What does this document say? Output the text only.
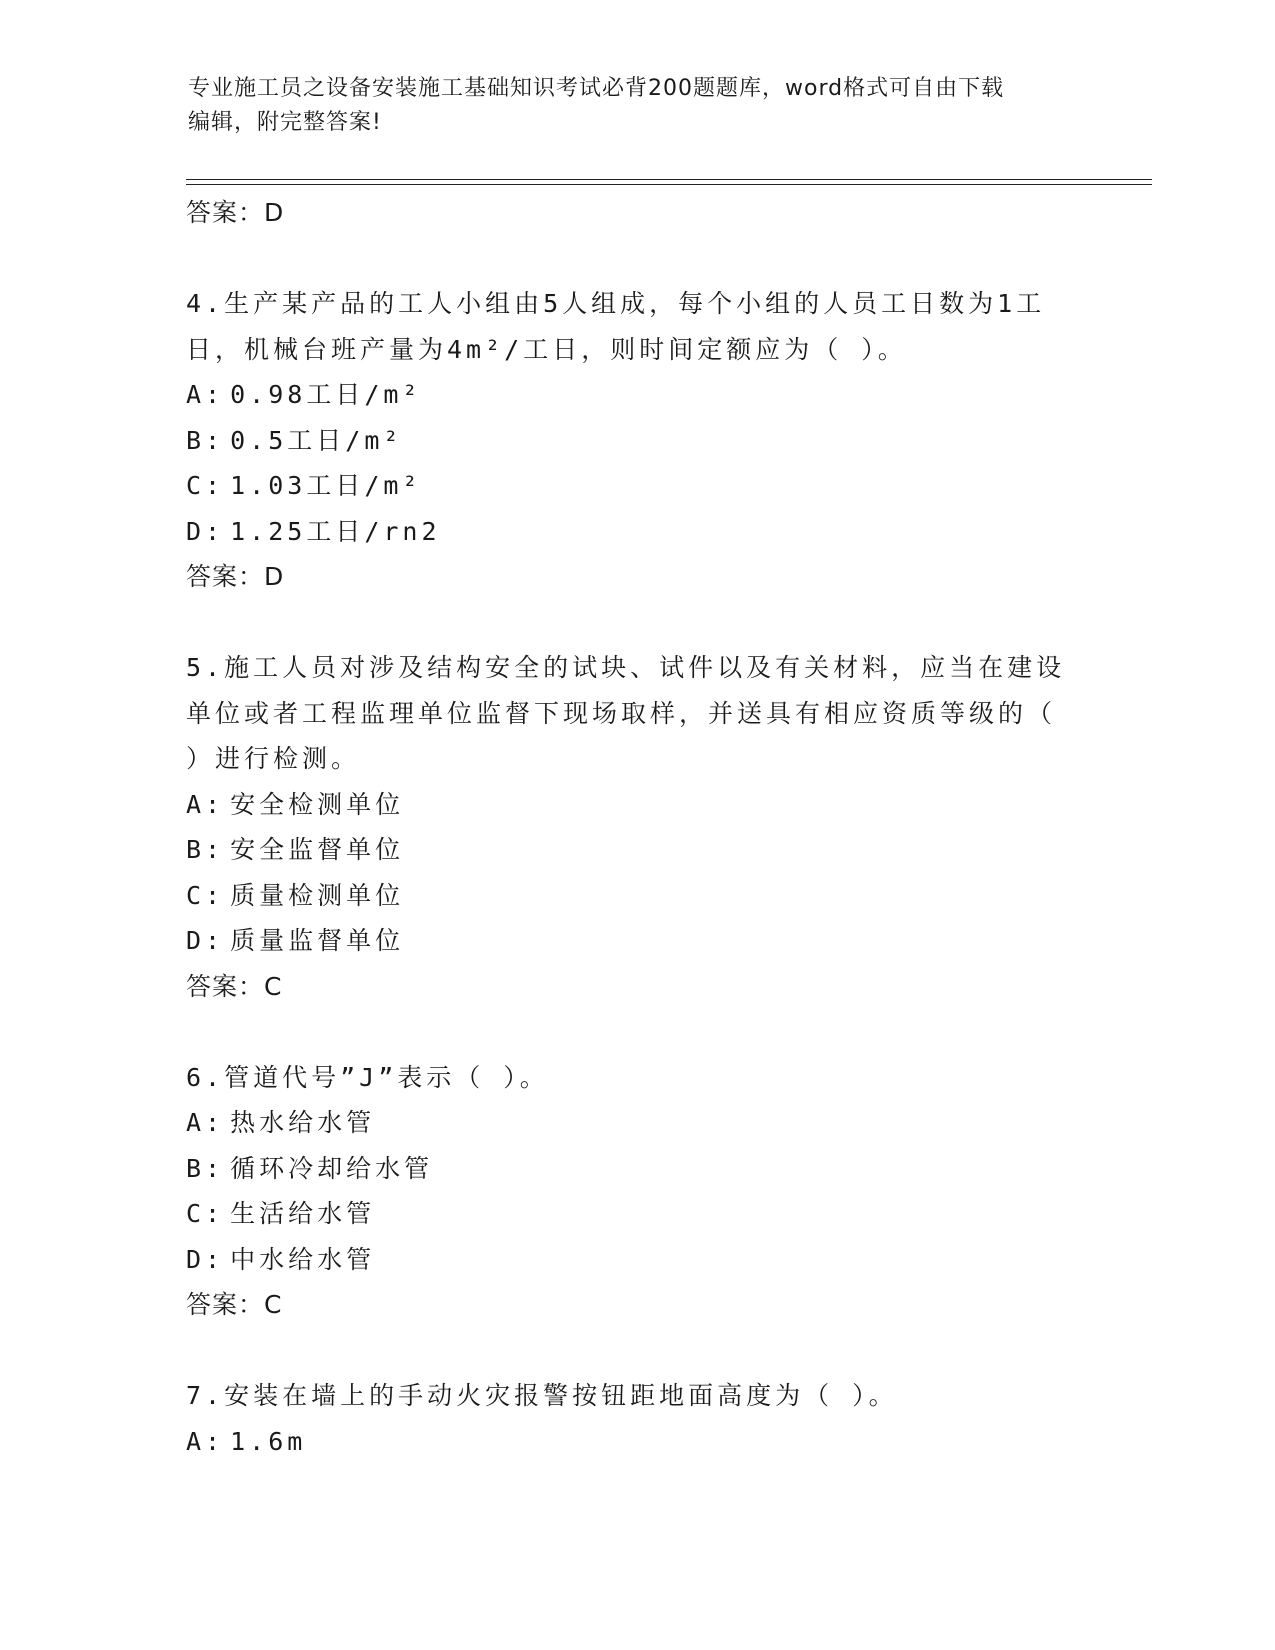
专业施工员之设备安装施工基础知识考试必背200题题库，word格式可自由下载
编辑，附完整答案!
答案：D
4.生产某产品的工人小组由5人组成，每个小组的人员工日数为1工
日，机械台班产量为4m²/工日，则时间定额应为（ ）。
A: 0.98工日/m²
B: 0.5工日/m²
C: 1.03工日/m²
D: 1.25工日/rn2
答案：D
5.施工人员对涉及结构安全的试块、试件以及有关材料，应当在建设
单位或者工程监理单位监督下现场取样，并送具有相应资质等级的（
）进行检测。
A: 安全检测单位
B: 安全监督单位
C: 质量检测单位
D: 质量监督单位
答案：C
6.管道代号”J”表示（ ）。
A: 热水给水管
B: 循环冷却给水管
C: 生活给水管
D: 中水给水管
答案：C
7.安装在墙上的手动火灾报警按钮距地面高度为（ ）。
A: 1.6m
